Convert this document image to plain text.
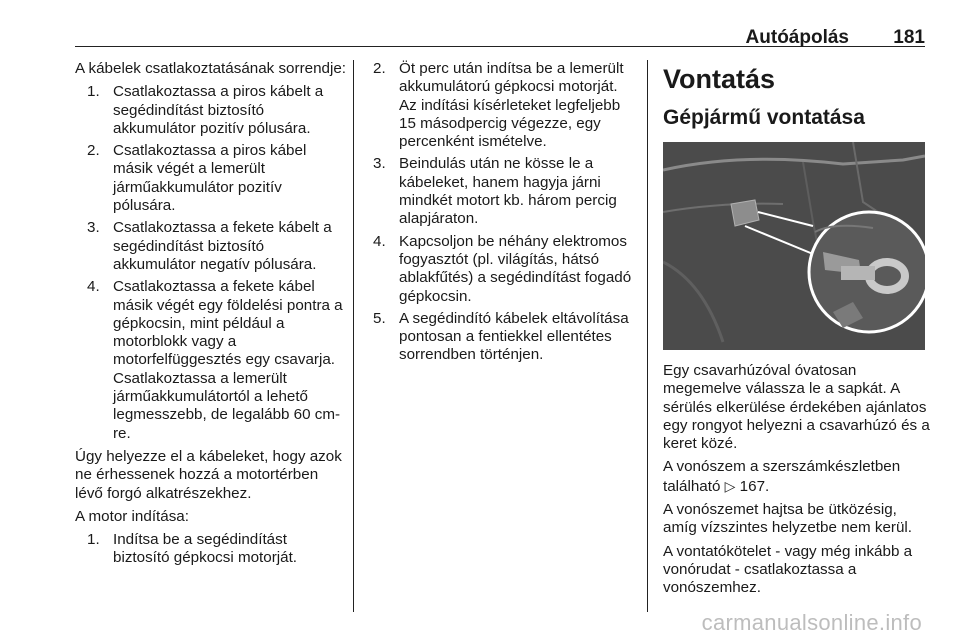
Autóápolás 181

A kábelek csatlakoztatásának sorrendje:

1. Csatlakoztassa a piros kábelt a segédindítást biztosító akkumulátor pozitív pólusára.
2. Csatlakoztassa a piros kábel másik végét a lemerült járműakkumulátor pozitív pólusára.
3. Csatlakoztassa a fekete kábelt a segédindítást biztosító akkumulátor negatív pólusára.
4. Csatlakoztassa a fekete kábel másik végét egy földelési pontra a gépkocsin, mint például a motorblokk vagy a motorfelfüggesztés egy csavarja. Csatlakoztassa a lemerült járműakkumulátortól a lehető legmesszebb, de legalább 60 cm-re.

Úgy helyezze el a kábeleket, hogy azok ne érhessenek hozzá a motortérben lévő forgó alkatrészekhez.

A motor indítása:

1. Indítsa be a segédindítást biztosító gépkocsi motorját.
2. Öt perc után indítsa be a lemerült akkumulátorú gépkocsi motorját. Az indítási kísérleteket legfeljebb 15 másodpercig végezze, egy percenként ismételve.
3. Beindulás után ne kösse le a kábeleket, hanem hagyja járni mindkét motort kb. három percig alapjáraton.
4. Kapcsoljon be néhány elektromos fogyasztót (pl. világítás, hátsó ablakfűtés) a segédindítást fogadó gépkocsin.
5. A segédindító kábelek eltávolítása pontosan a fentiekkel ellentétes sorrendben történjen.
Vontatás
Gépjármű vontatása

Egy csavarhúzóval óvatosan megemelve válassza le a sapkát. A sérülés elkerülése érdekében ajánlatos egy rongyot helyezni a csavarhúzó és a keret közé.

A vonószem a szerszámkészletben található ▷ 167.

A vonószemet hajtsa be ütközésig, amíg vízszintes helyzetbe nem kerül.

A vontatókötelet - vagy még inkább a vonórudat - csatlakoztassa a vonószemhez.

carmanualsonline.info
